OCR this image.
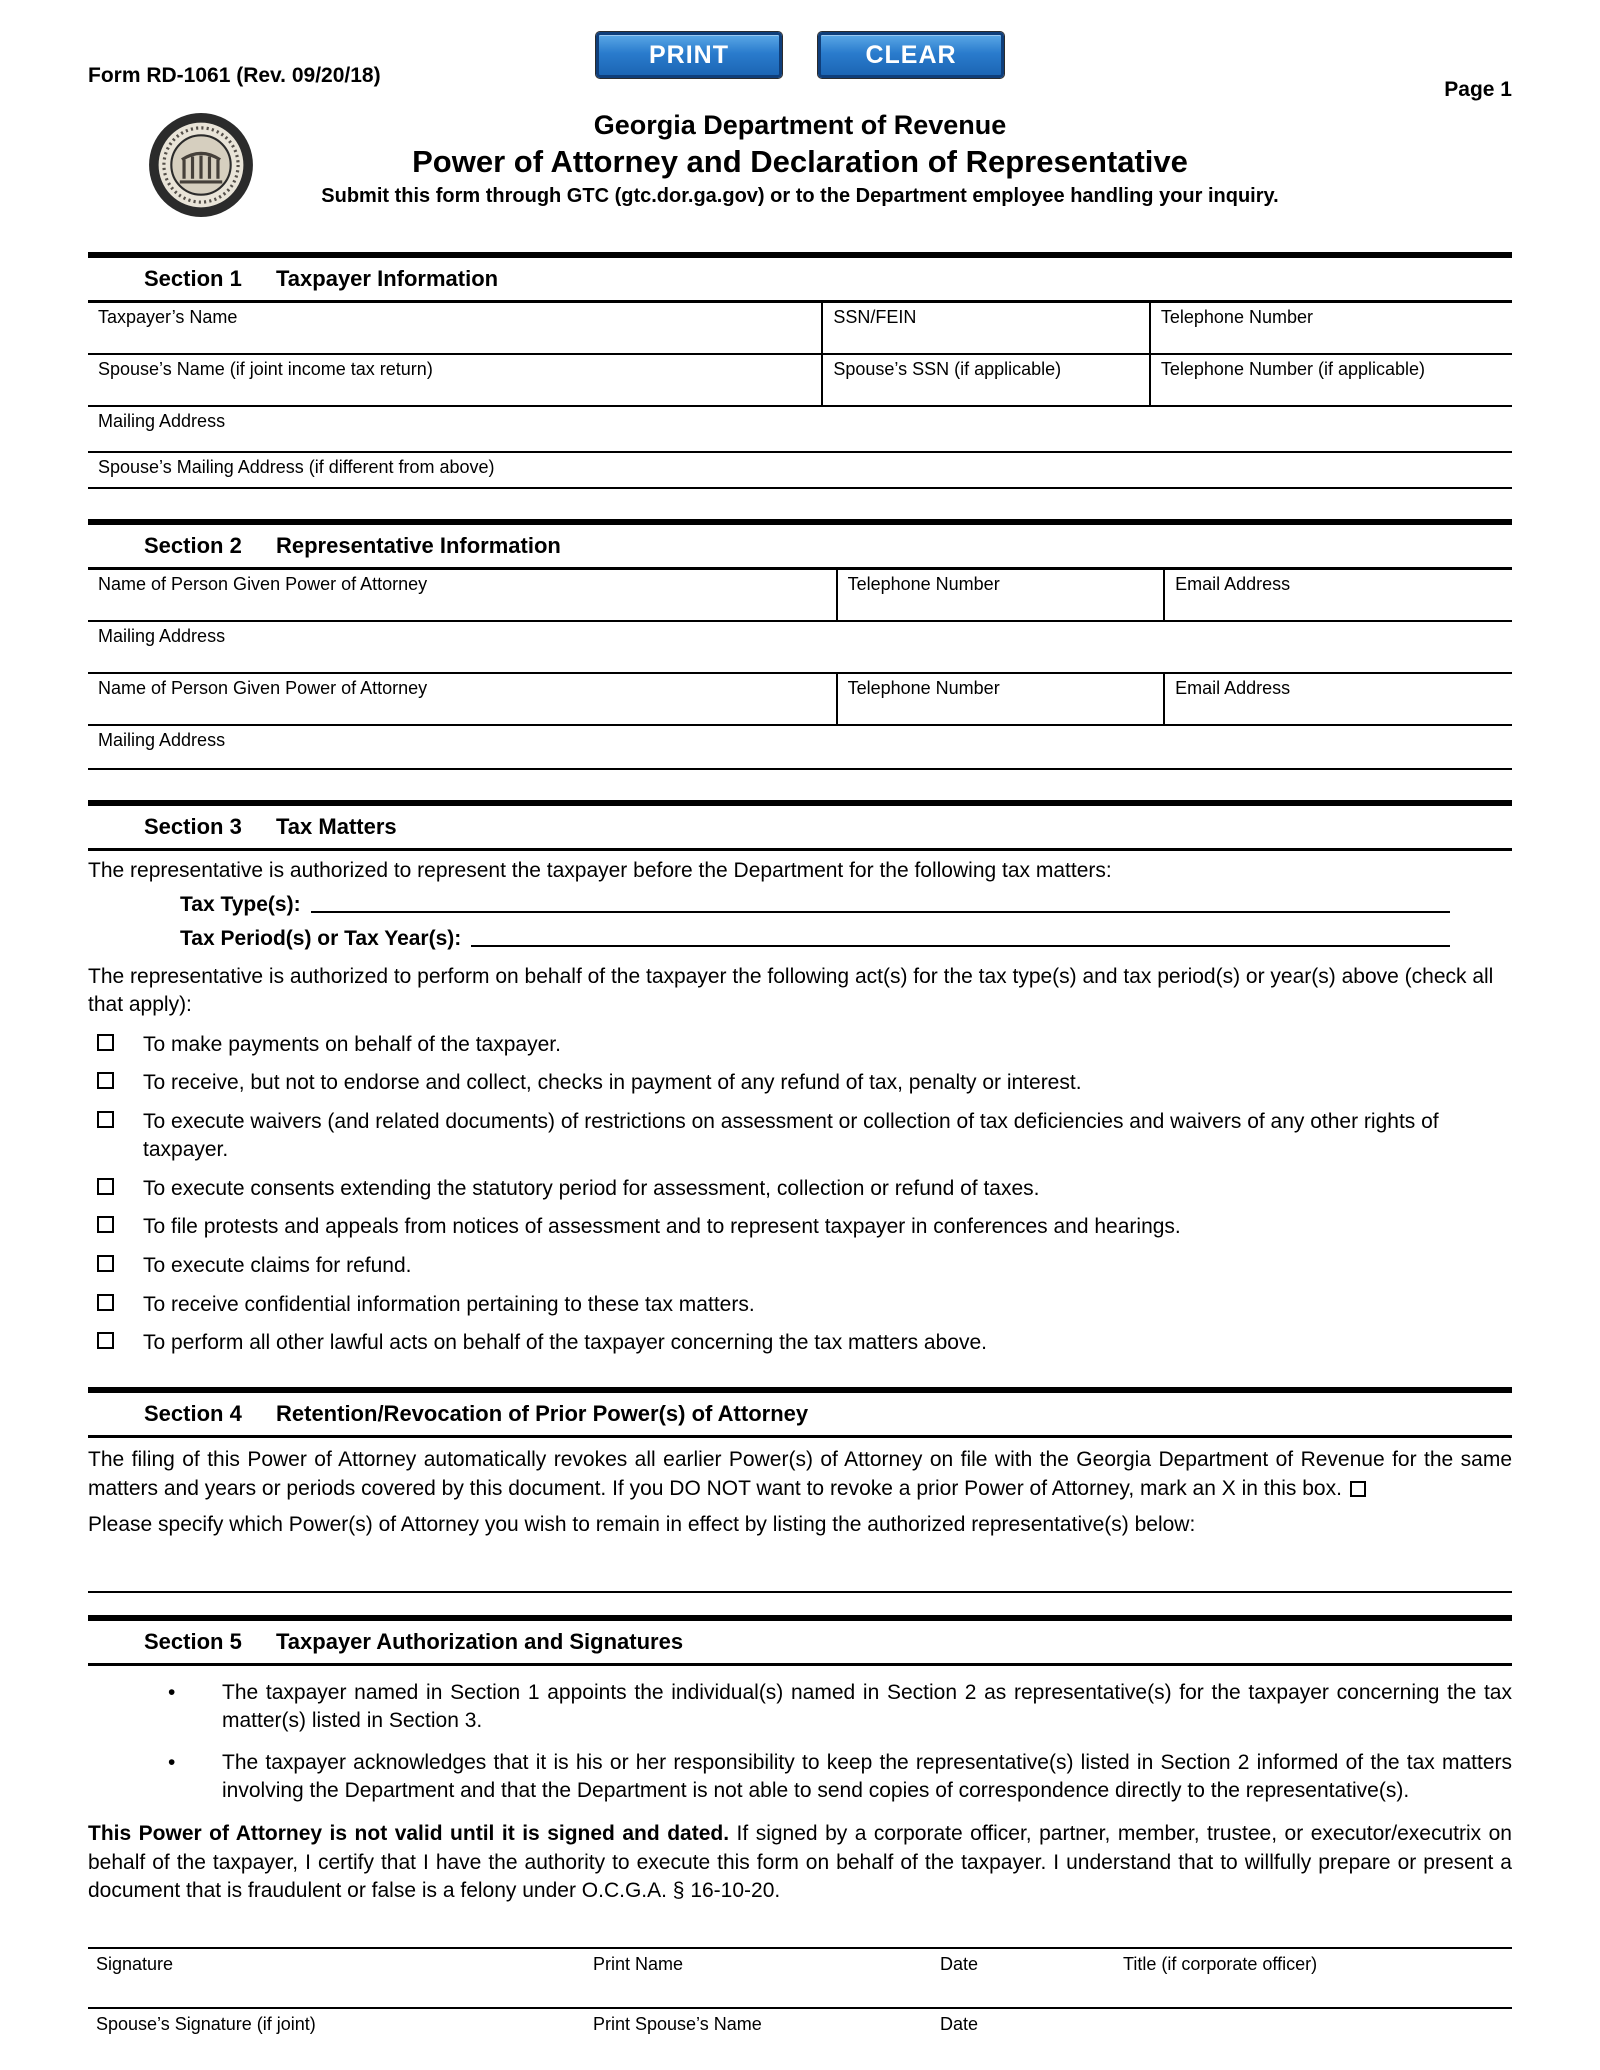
Form RD-1061 (Rev. 09/20/18)
PRINT	CLEAR
Page 1
Georgia Department of Revenue
Power of Attorney and Declaration of Representative
Submit this form through GTC (gtc.dor.ga.gov) or to the Department employee handling your inquiry.
Section 1	Taxpayer Information
Taxpayer’s Name	SSN/FEIN	Telephone Number
Spouse’s Name (if joint income tax return)	Spouse’s SSN (if applicable)	Telephone Number (if applicable)
Mailing Address
Spouse’s Mailing Address (if different from above)
Section 2	Representative Information
Name of Person Given Power of Attorney	Telephone Number	Email Address
Mailing Address
Name of Person Given Power of Attorney	Telephone Number	Email Address
Mailing Address
Section 3	Tax Matters
The representative is authorized to represent the taxpayer before the Department for the following tax matters:
Tax Type(s):
Tax Period(s) or Tax Year(s):
The representative is authorized to perform on behalf of the taxpayer the following act(s) for the tax type(s) and tax period(s) or year(s) above (check all that apply):
To make payments on behalf of the taxpayer.
To receive, but not to endorse and collect, checks in payment of any refund of tax, penalty or interest.
To execute waivers (and related documents) of restrictions on assessment or collection of tax deficiencies and waivers of any other rights of taxpayer.
To execute consents extending the statutory period for assessment, collection or refund of taxes.
To file protests and appeals from notices of assessment and to represent taxpayer in conferences and hearings.
To execute claims for refund.
To receive confidential information pertaining to these tax matters.
To perform all other lawful acts on behalf of the taxpayer concerning the tax matters above.
Section 4	Retention/Revocation of Prior Power(s) of Attorney

The filing of this Power of Attorney automatically revokes all earlier Power(s) of Attorney on file with the Georgia Department of Revenue for the same matters and years or periods covered by this document. If you DO NOT want to revoke a prior Power of Attorney, mark an X in this box.

Please specify which Power(s) of Attorney you wish to remain in effect by listing the authorized representative(s) below:

Section 5	Taxpayer Authorization and Signatures
• The taxpayer named in Section 1 appoints the individual(s) named in Section 2 as representative(s) for the taxpayer concerning the tax matter(s) listed in Section 3.
• The taxpayer acknowledges that it is his or her responsibility to keep the representative(s) listed in Section 2 informed of the tax matters involving the Department and that the Department is not able to send copies of correspondence directly to the representative(s).

This Power of Attorney is not valid until it is signed and dated. If signed by a corporate officer, partner, member, trustee, or executor/executrix on behalf of the taxpayer, I certify that I have the authority to execute this form on behalf of the taxpayer. I understand that to willfully prepare or present a document that is fraudulent or false is a felony under O.C.G.A. § 16-10-20.

Signature	Print Name	Date	Title (if corporate officer)
Spouse’s Signature (if joint)	Print Spouse’s Name	Date
